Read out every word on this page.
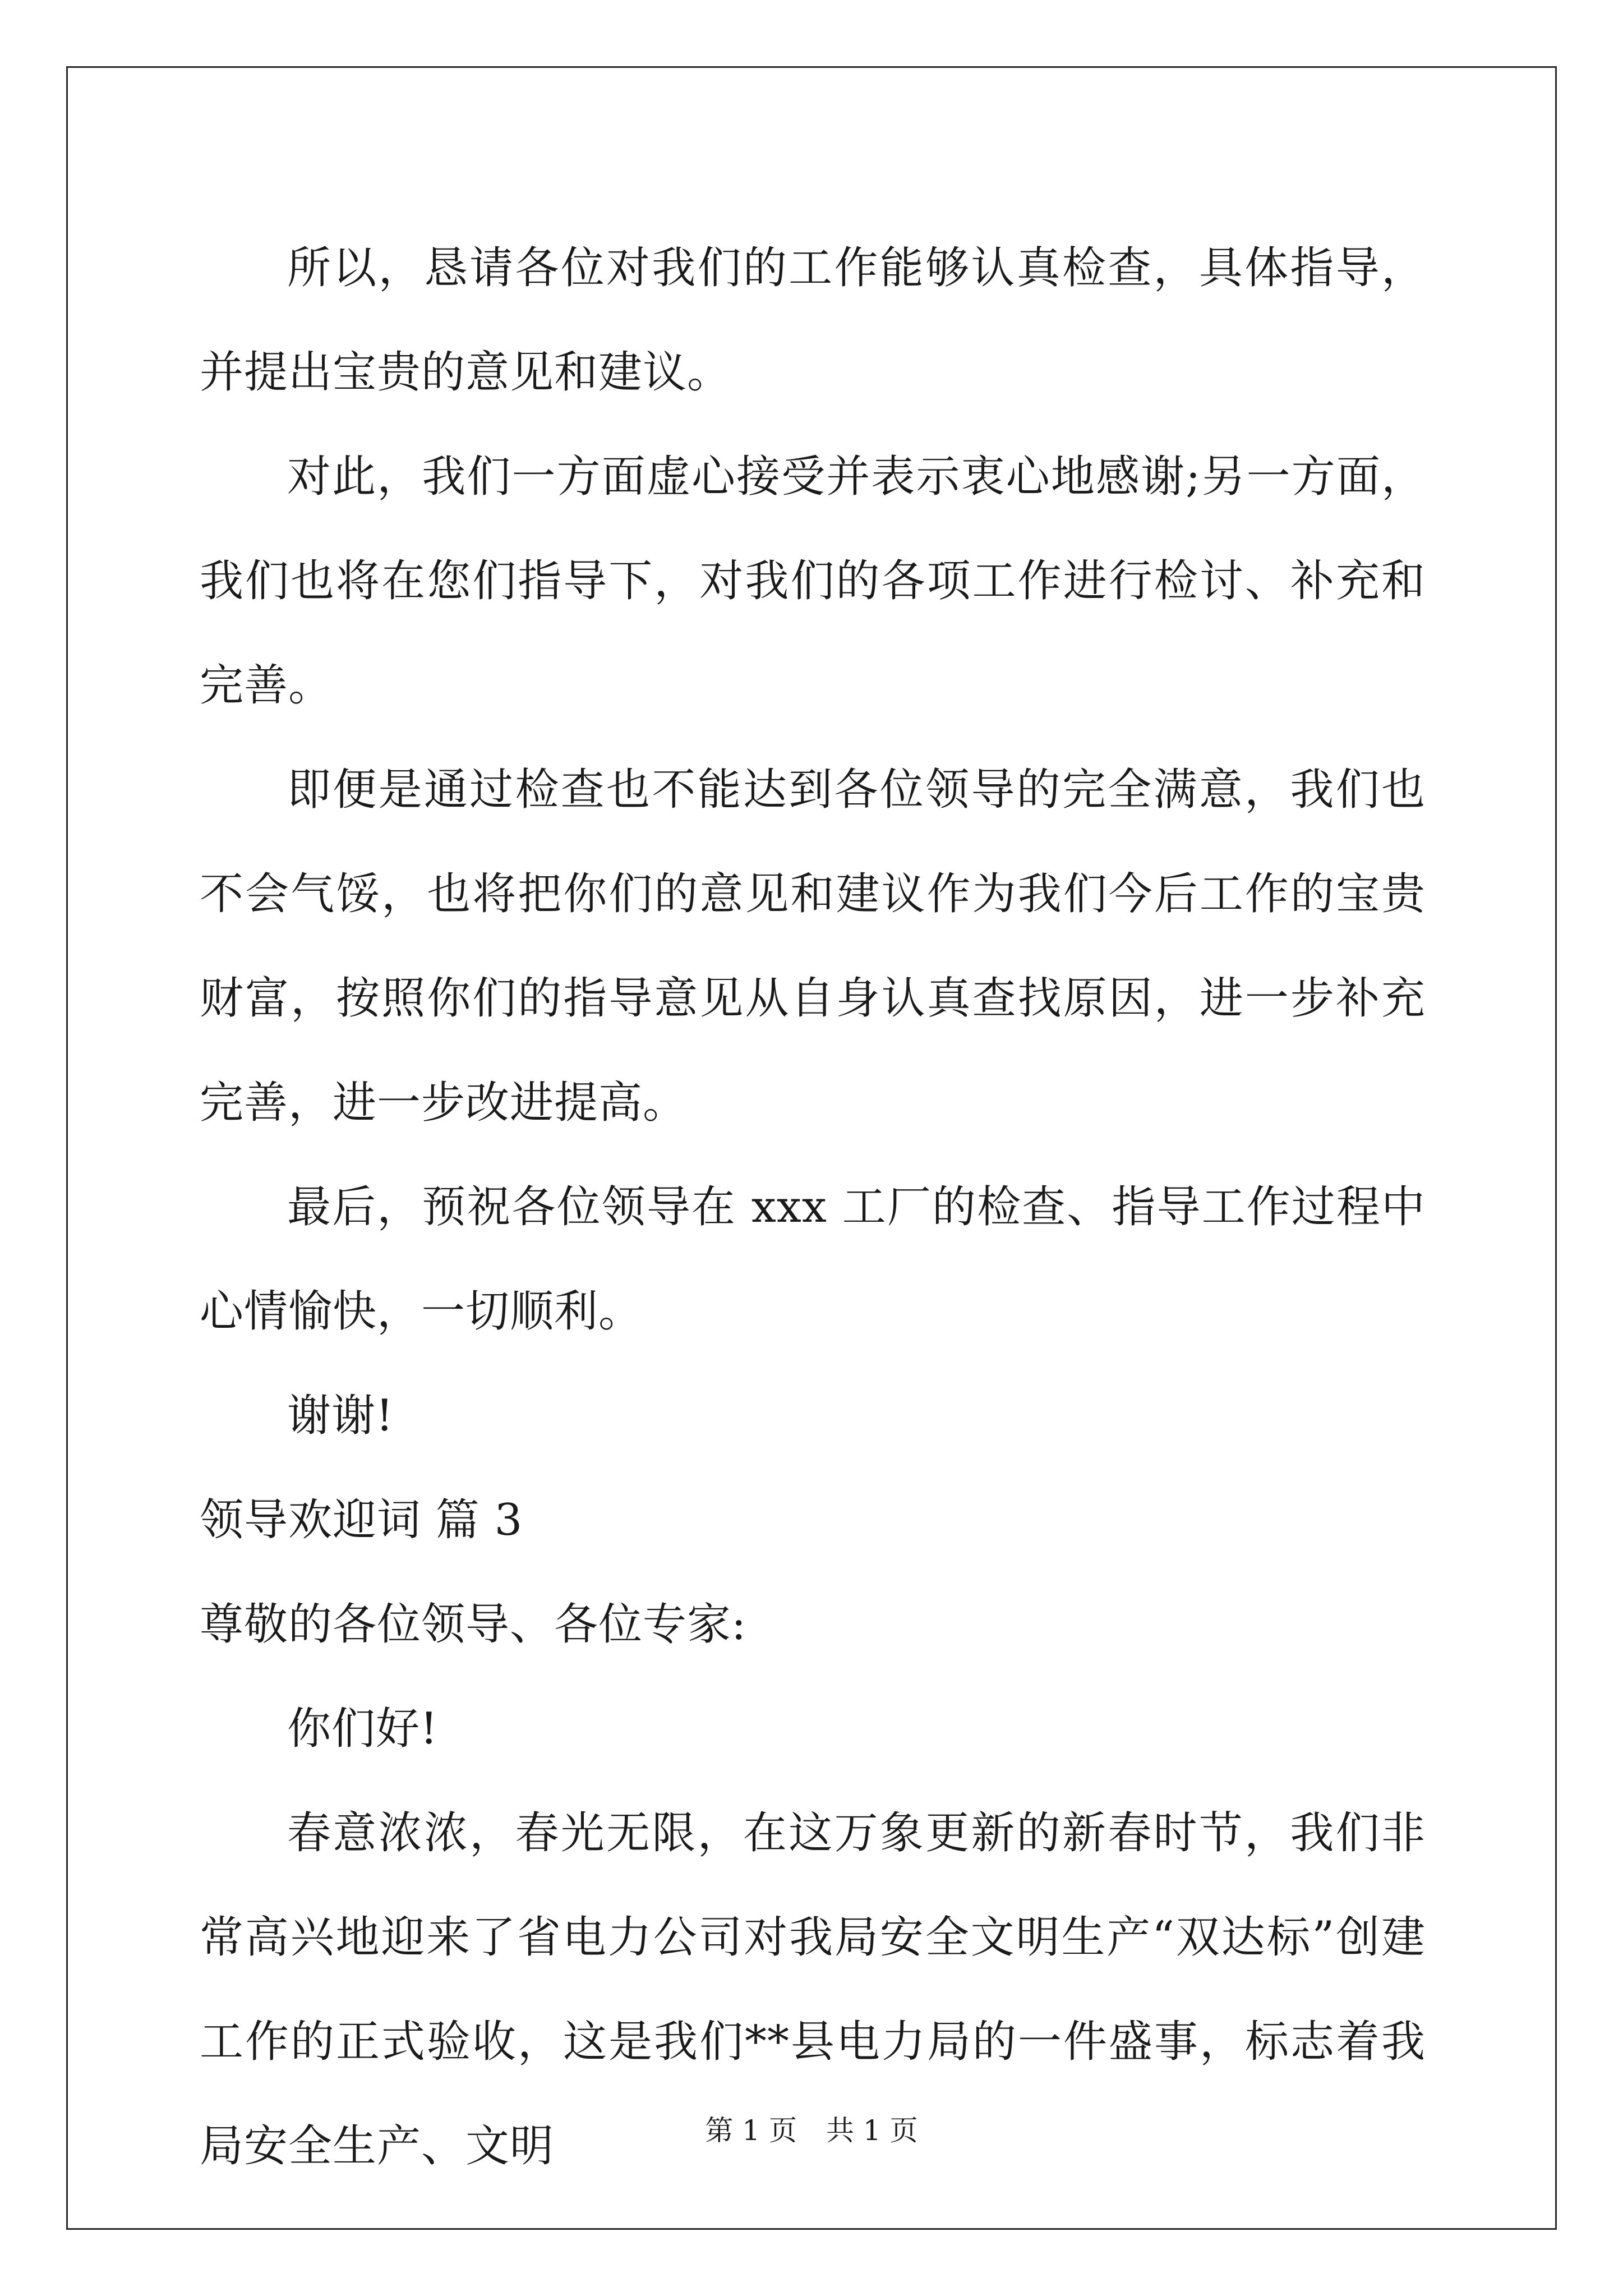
所以，恳请各位对我们的工作能够认真检查，具体指导，并提出宝贵的意见和建议。

对此，我们一方面虚心接受并表示衷心地感谢;另一方面，我们也将在您们指导下，对我们的各项工作进行检讨、补充和完善。

即便是通过检查也不能达到各位领导的完全满意，我们也不会气馁，也将把你们的意见和建议作为我们今后工作的宝贵财富，按照你们的指导意见从自身认真查找原因，进一步补充完善，进一步改进提高。

最后，预祝各位领导在 xxx 工厂的检查、指导工作过程中心情愉快，一切顺利。

谢谢!

领导欢迎词 篇 3

尊敬的各位领导、各位专家:

你们好!

春意浓浓，春光无限，在这万象更新的新春时节，我们非常高兴地迎来了省电力公司对我局安全文明生产“双达标”创建工作的正式验收，这是我们**县电力局的一件盛事，标志着我局安全生产、文明	第 1 页 共 1 页
